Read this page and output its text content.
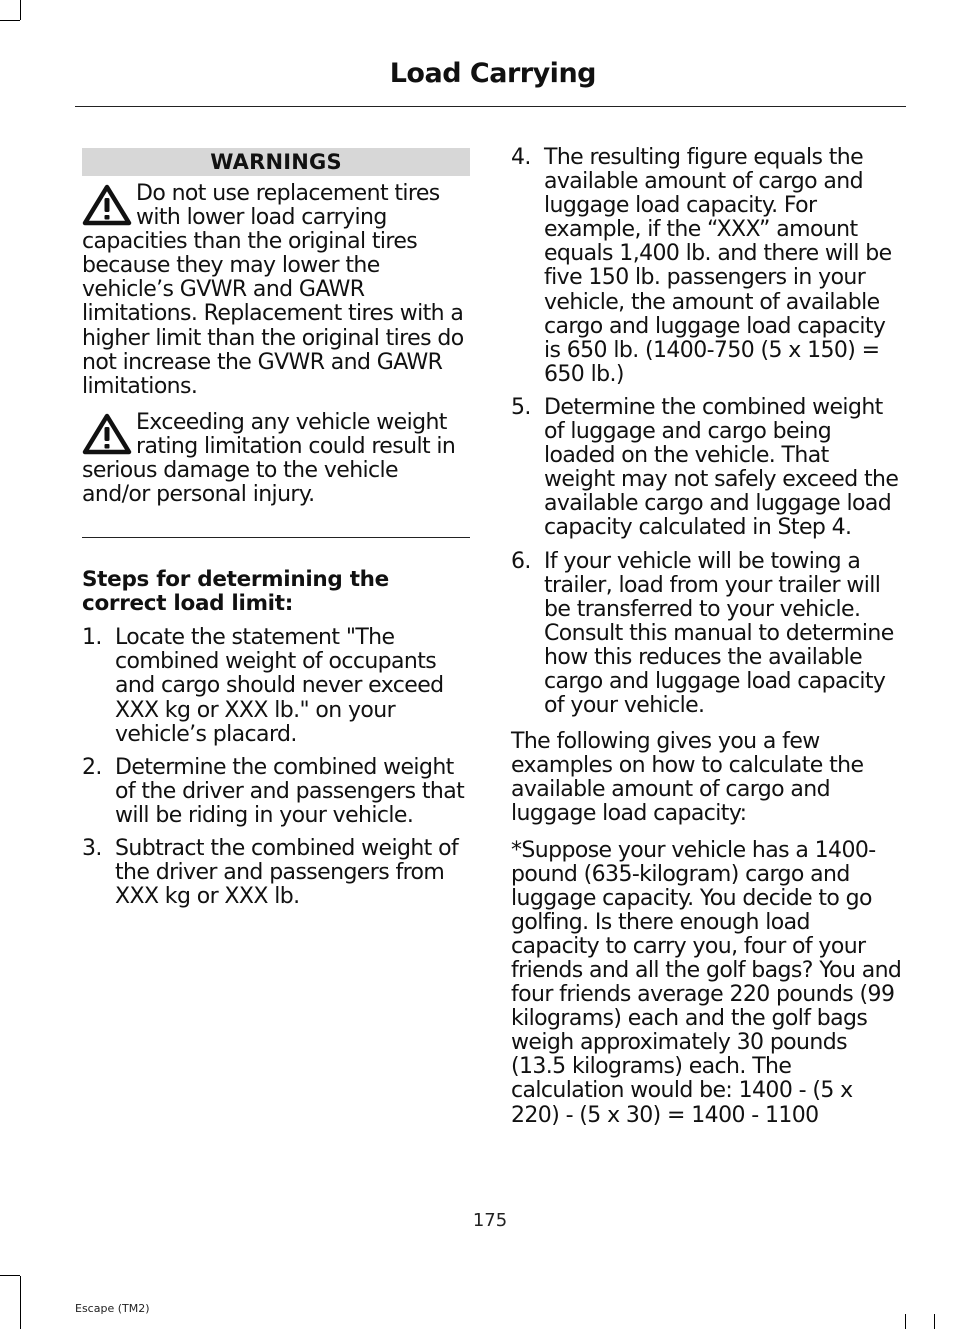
Load Carrying
WARNINGS
Do not use replacement tires with lower load carrying capacities than the original tires because they may lower the vehicle’s GVWR and GAWR limitations. Replacement tires with a higher limit than the original tires do not increase the GVWR and GAWR limitations.
Exceeding any vehicle weight rating limitation could result in serious damage to the vehicle and/or personal injury.
Steps for determining the correct load limit:
1. Locate the statement "The combined weight of occupants and cargo should never exceed XXX kg or XXX lb." on your vehicle’s placard.
2. Determine the combined weight of the driver and passengers that will be riding in your vehicle.
3. Subtract the combined weight of the driver and passengers from XXX kg or XXX lb.
4. The resulting figure equals the available amount of cargo and luggage load capacity. For example, if the “XXX” amount equals 1,400 lb. and there will be five 150 lb. passengers in your vehicle, the amount of available cargo and luggage load capacity is 650 lb. (1400-750 (5 x 150) = 650 lb.)
5. Determine the combined weight of luggage and cargo being loaded on the vehicle. That weight may not safely exceed the available cargo and luggage load capacity calculated in Step 4.
6. If your vehicle will be towing a trailer, load from your trailer will be transferred to your vehicle. Consult this manual to determine how this reduces the available cargo and luggage load capacity of your vehicle.
The following gives you a few examples on how to calculate the available amount of cargo and luggage load capacity:
*Suppose your vehicle has a 1400-pound (635-kilogram) cargo and luggage capacity. You decide to go golfing. Is there enough load capacity to carry you, four of your friends and all the golf bags? You and four friends average 220 pounds (99 kilograms) each and the golf bags weigh approximately 30 pounds (13.5 kilograms) each. The calculation would be: 1400 - (5 x 220) - (5 x 30) = 1400 - 1100
175
Escape (TM2)
